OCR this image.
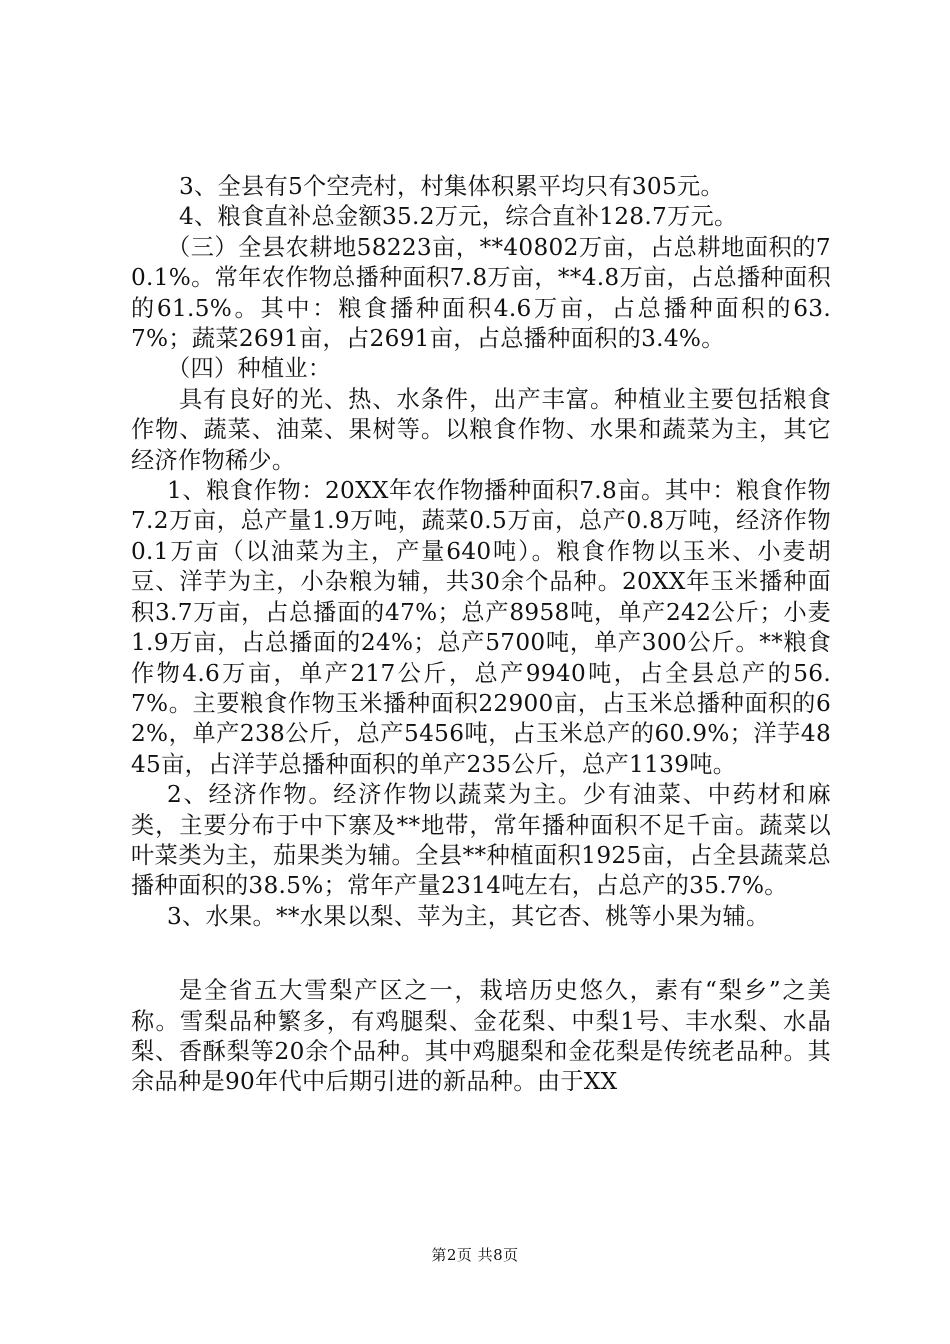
3、全县有5个空壳村，村集体积累平均只有305元。

4、粮食直补总金额35.2万元，综合直补128.7万元。

（三）全县农耕地58223亩，**40802万亩，占总耕地面积的70.1%。常年农作物总播种面积7.8万亩，**4.8万亩，占总播种面积的61.5%。其中：粮食播种面积4.6万亩，占总播种面积的63.7%；蔬菜2691亩，占2691亩，占总播种面积的3.4%。

（四）种植业：

具有良好的光、热、水条件，出产丰富。种植业主要包括粮食作物、蔬菜、油菜、果树等。以粮食作物、水果和蔬菜为主，其它经济作物稀少。

1、粮食作物：20XX年农作物播种面积7.8亩。其中：粮食作物7.2万亩，总产量1.9万吨，蔬菜0.5万亩，总产0.8万吨，经济作物0.1万亩（以油菜为主，产量640吨）。粮食作物以玉米、小麦胡豆、洋芋为主，小杂粮为辅，共30余个品种。20XX年玉米播种面积3.7万亩，占总播面的47%；总产8958吨，单产242公斤；小麦1.9万亩，占总播面的24%；总产5700吨，单产300公斤。**粮食作物4.6万亩，单产217公斤，总产9940吨，占全县总产的56.7%。主要粮食作物玉米播种面积22900亩，占玉米总播种面积的62%，单产238公斤，总产5456吨，占玉米总产的60.9%；洋芋4845亩，占洋芋总播种面积的单产235公斤，总产1139吨。

2、经济作物。经济作物以蔬菜为主。少有油菜、中药材和麻类，主要分布于中下寨及**地带，常年播种面积不足千亩。蔬菜以叶菜类为主，茄果类为辅。全县**种植面积1925亩，占全县蔬菜总播种面积的38.5%；常年产量2314吨左右，占总产的35.7%。

3、水果。**水果以梨、苹为主，其它杏、桃等小果为辅。

是全省五大雪梨产区之一，栽培历史悠久，素有“梨乡”之美称。雪梨品种繁多，有鸡腿梨、金花梨、中梨1号、丰水梨、水晶梨、香酥梨等20余个品种。其中鸡腿梨和金花梨是传统老品种。其余品种是90年代中后期引进的新品种。由于XX

第2页 共8页
